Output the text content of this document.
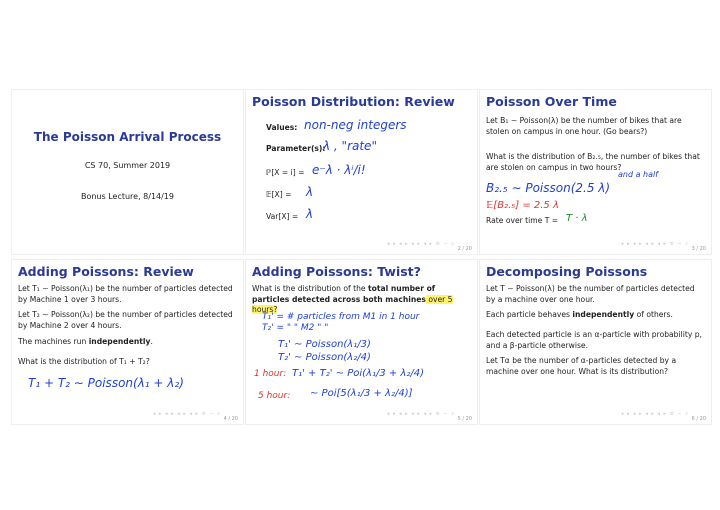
The Poisson Arrival Process
CS 70, Summer 2019
Bonus Lecture, 8/14/19
Poisson Distribution: Review
Values: non-neg integers
Parameter(s):
λ , "rate"
ℙ[X = i] = e⁻λ · λⁱ/i!
𝔼[X] = λ
Var[X] = λ
◂ ▸ ◂ ▸ ◂ ▸ ◂ ▸ ≡ ∽ ⌕
2 / 20
Poisson Over Time
Let B₁ ∼ Poisson(λ) be the number of bikes that are stolen on campus in one hour. (Go bears?)
What is the distribution of B₂.₅, the number of bikes that are stolen on campus in two hours?
and a half
B₂.₅ ∼ Poisson(2.5 λ)
𝔼[B₂.₅] = 2.5 λ
Rate over time T = T · λ
◂ ▸ ◂ ▸ ◂ ▸ ◂ ▸ ≡ ∽ ⌕
3 / 20
Adding Poissons: Review
Let T₁ ∼ Poisson(λ₁) be the number of particles detected by Machine 1 over 3 hours.
Let T₂ ∼ Poisson(λ₂) be the number of particles detected by Machine 2 over 4 hours.
The machines run independently.
What is the distribution of T₁ + T₂?
T₁ + T₂ ∼ Poisson(λ₁ + λ₂)
◂ ▸ ◂ ▸ ◂ ▸ ◂ ▸ ≡ ∽ ⌕
4 / 20
Adding Poissons: Twist?
What is the distribution of the total number of particles detected across both machines over 5 hours?
T₁' = # particles from M1 in 1 hour
T₂' = " " M2 " "
T₁' ∼ Poisson(λ₁/3)
T₂' ∼ Poisson(λ₂/4)
1 hour: T₁' + T₂' ∼ Poi(λ₁/3 + λ₂/4)
5 hour: ∼ Poi[5(λ₁/3 + λ₂/4)]
◂ ▸ ◂ ▸ ◂ ▸ ◂ ▸ ≡ ∽ ⌕
5 / 20
Decomposing Poissons
Let T ∼ Poisson(λ) be the number of particles detected by a machine over one hour.
Each particle behaves independently of others.
Each detected particle is an α-particle with probability p, and a β-particle otherwise.
Let Tα be the number of α-particles detected by a machine over one hour. What is its distribution?
◂ ▸ ◂ ▸ ◂ ▸ ◂ ▸ ≡ ∽ ⌕
6 / 20
